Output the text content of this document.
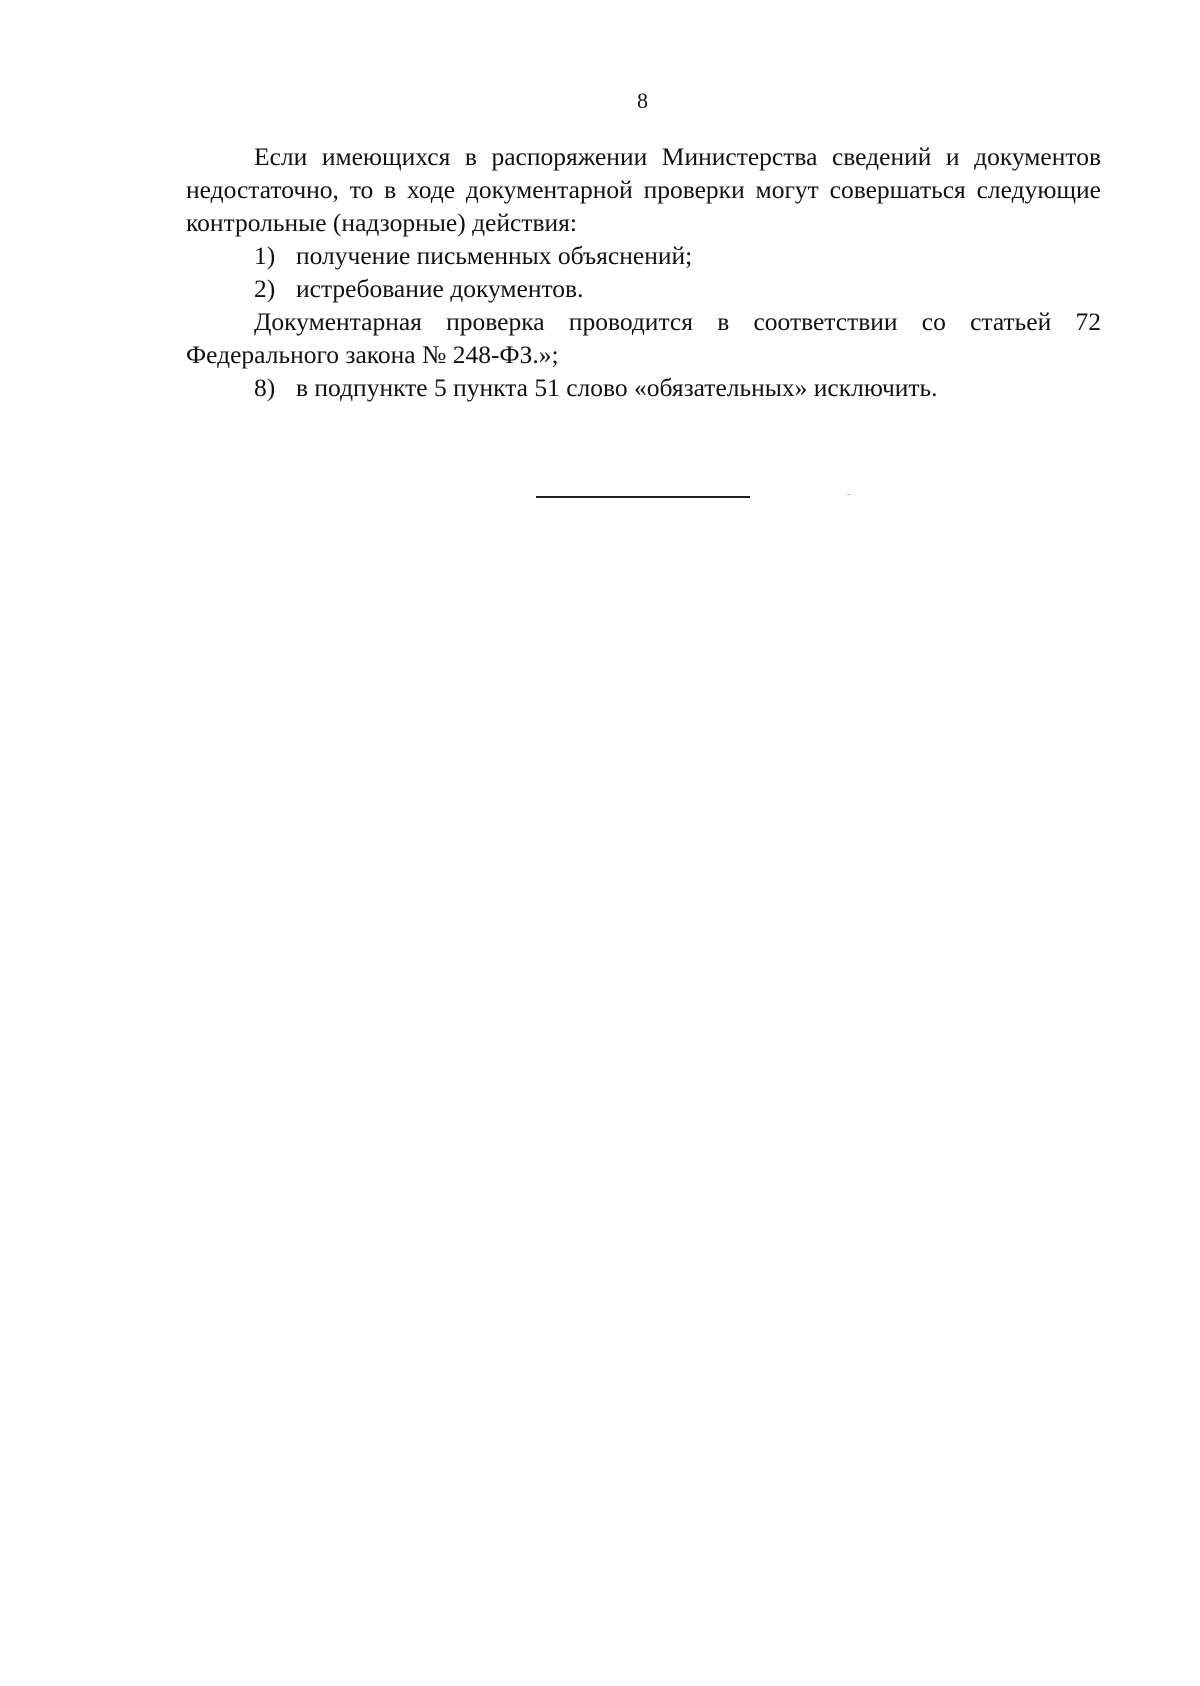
8

Если имеющихся в распоряжении Министерства сведений и документов недостаточно, то в ходе документарной проверки могут совершаться следующие контрольные (надзорные) действия:

1) получение письменных объяснений;

2) истребование документов.

Документарная проверка проводится в соответствии со статьей 72 Федерального закона № 248-ФЗ.»;

8) в подпункте 5 пункта 51 слово «обязательных» исключить.
